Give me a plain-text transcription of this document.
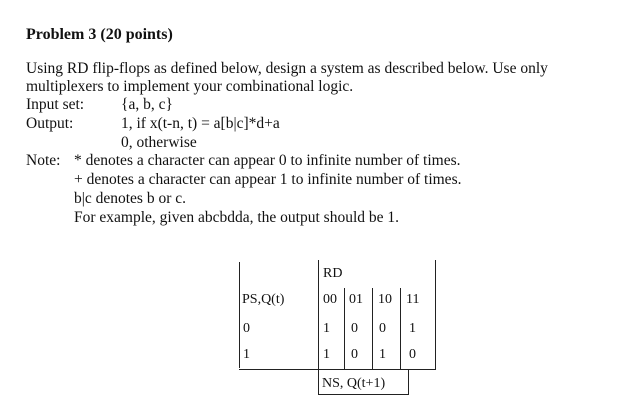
Problem 3 (20 points)
Using RD flip-flops as defined below, design a system as described below. Use only
multiplexers to implement your combinational logic.
Input set: {a, b, c}
Output:	1, if x(t-n, t) = a[b|c]*d+a
0, otherwise
Note: * denotes a character can appear 0 to infinite number of times.
+ denotes a character can appear 1 to infinite number of times.
b|c denotes b or c.
For example, given abcbdda, the output should be 1.
RD
PS,Q(t)	00 01 10 11
0	1 0 0 1
1	1 0 1 0
NS, Q(t+1)
